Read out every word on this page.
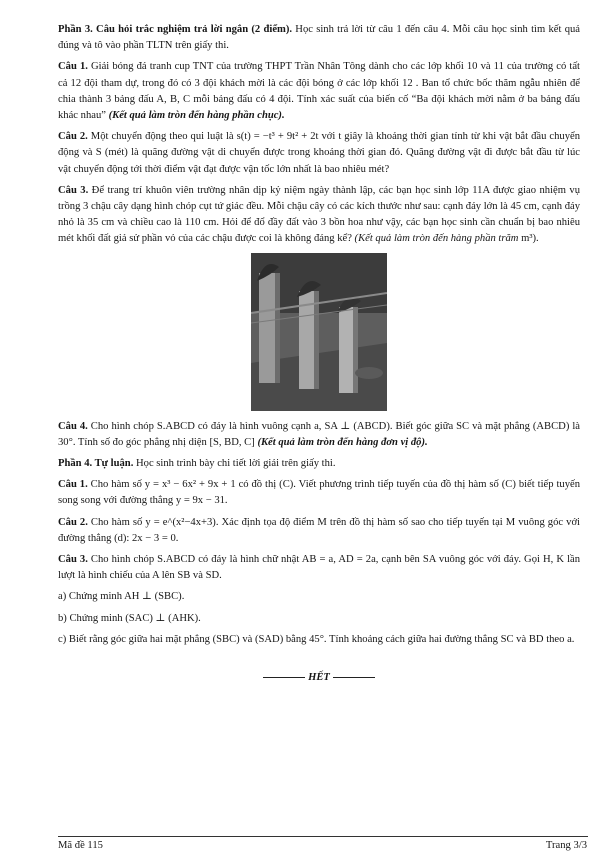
Phần 3. Câu hỏi trắc nghiệm trả lời ngắn (2 điểm). Học sinh trả lời từ câu 1 đến câu 4. Mỗi câu học sinh tìm kết quả đúng và tô vào phần TLTN trên giấy thi.

Câu 1. Giải bóng đá tranh cup TNT của trường THPT Trần Nhân Tông dành cho các lớp khối 10 và 11 của trường có tất cả 12 đội tham dự, trong đó có 3 đội khách mời là các đội bóng ở các lớp khối 12 . Ban tổ chức bốc thăm ngẫu nhiên để chia thành 3 bảng đấu A, B, C mỗi bảng đấu có 4 đội. Tính xác suất của biến cố “Ba đội khách mời nằm ở ba bảng đấu khác nhau” (Kết quả làm tròn đến hàng phần chục).

Câu 2. Một chuyển động theo qui luật là s(t) = −t³ + 9t² + 2t với t giây là khoảng thời gian tính từ khi vật bắt đầu chuyển động và S (mét) là quãng đường vật di chuyển được trong khoảng thời gian đó. Quãng đường vật đi được bắt đầu từ lúc vật chuyển động tới thời điểm vật đạt được vận tốc lớn nhất là bao nhiêu mét?

Câu 3. Để trang trí khuôn viên trường nhân dịp kỷ niệm ngày thành lập, các bạn học sinh lớp 11A được giao nhiệm vụ trồng 3 chậu cây dạng hình chóp cụt tứ giác đều. Mỗi chậu cây có các kích thước như sau: cạnh đáy lớn là 45 cm, cạnh đáy nhỏ là 35 cm và chiều cao là 110 cm. Hỏi để đổ đầy đất vào 3 bồn hoa như vậy, các bạn học sinh cần chuẩn bị bao nhiêu mét khối đất giả sử phần vỏ của các chậu được coi là không đáng kể? (Kết quả làm tròn đến hàng phần trăm m³).

Câu 4. Cho hình chóp S.ABCD có đáy là hình vuông cạnh a, SA ⊥ (ABCD). Biết góc giữa SC và mặt phẳng (ABCD) là 30°. Tính số đo góc phẳng nhị diện [S, BD, C] (Kết quả làm tròn đến hàng đơn vị độ).

Phần 4. Tự luận. Học sinh trình bày chi tiết lời giải trên giấy thi.

Câu 1. Cho hàm số y = x³ − 6x² + 9x + 1 có đồ thị (C). Viết phương trình tiếp tuyến của đồ thị hàm số (C) biết tiếp tuyến song song với đường thẳng y = 9x − 31.

Câu 2. Cho hàm số y = e^(x²−4x+3). Xác định tọa độ điểm M trên đồ thị hàm số sao cho tiếp tuyến tại M vuông góc với đường thẳng (d): 2x − 3 = 0.

Câu 3. Cho hình chóp S.ABCD có đáy là hình chữ nhật AB = a, AD = 2a, cạnh bên SA vuông góc với đáy. Gọi H, K lần lượt là hình chiếu của A lên SB và SD.

a) Chứng minh AH ⊥ (SBC).

b) Chứng minh (SAC) ⊥ (AHK).

c) Biết rằng góc giữa hai mặt phẳng (SBC) và (SAD) bằng 45°. Tính khoảng cách giữa hai đường thẳng SC và BD theo a.

HẾT
Mã đề 115	Trang 3/3
